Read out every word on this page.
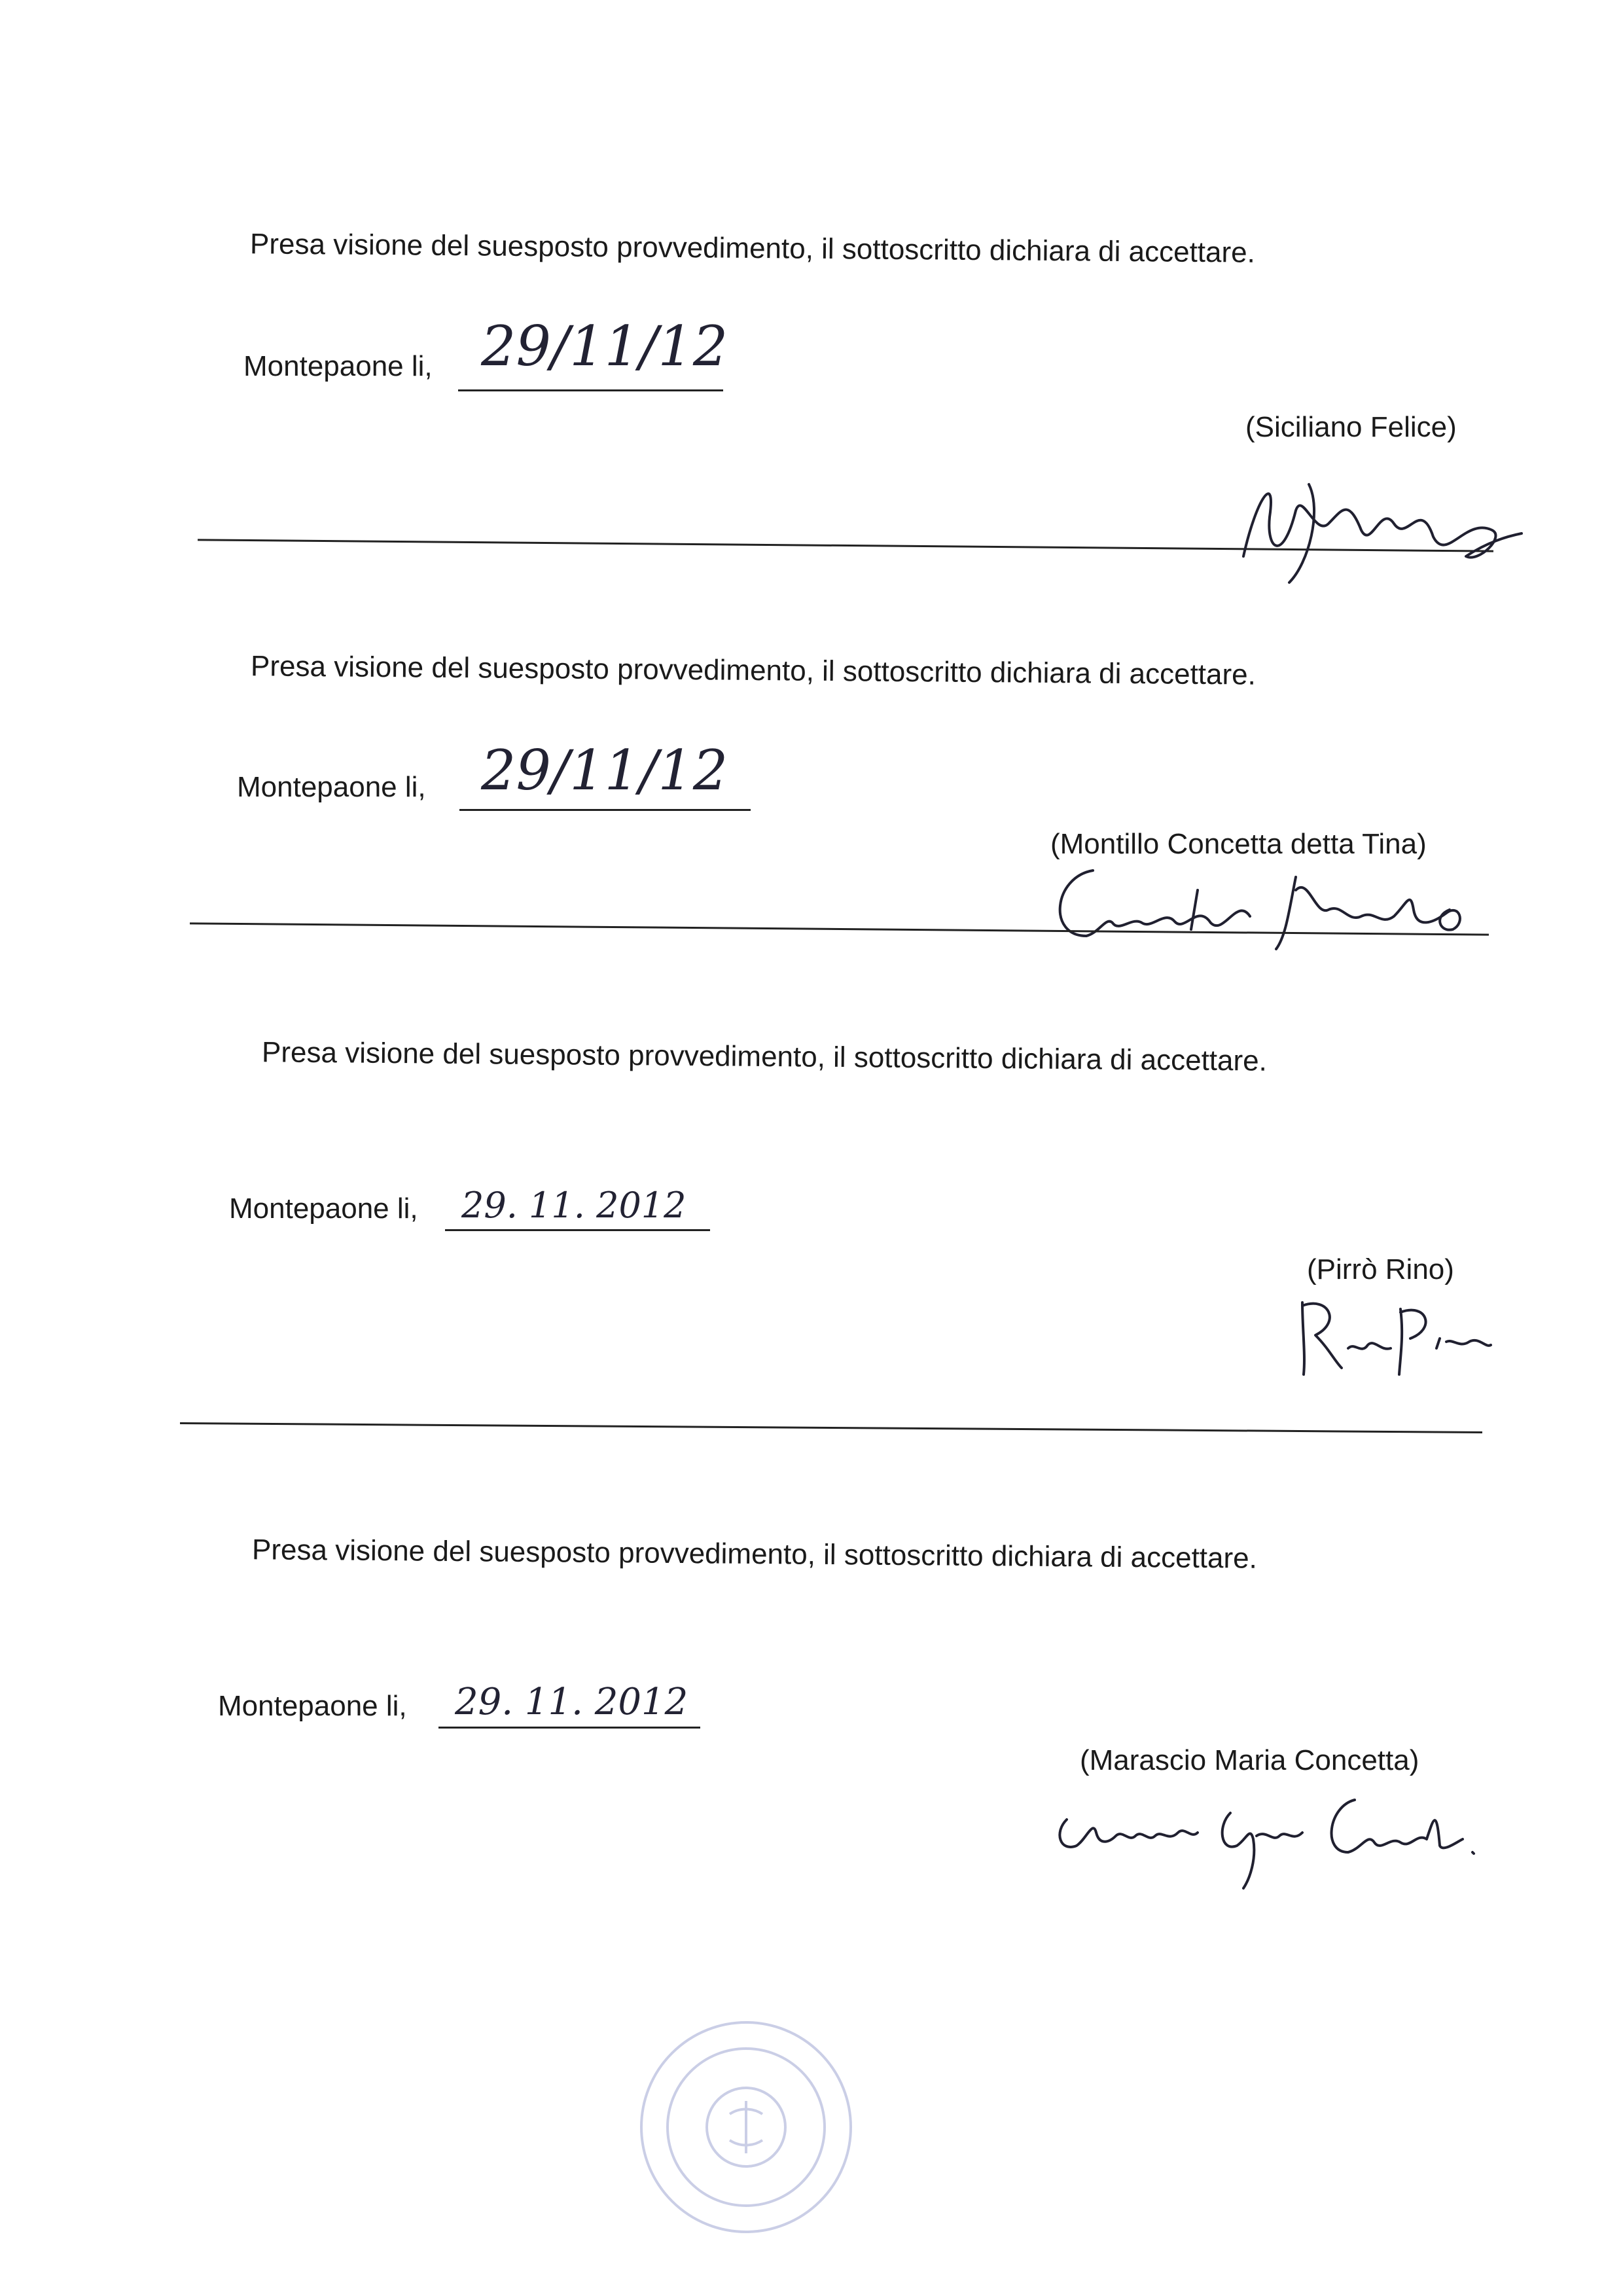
Presa visione del suesposto provvedimento, il sottoscritto dichiara di accettare.
Montepaone li, 29/11/12
(Siciliano Felice)
Presa visione del suesposto provvedimento, il sottoscritto dichiara di accettare.
Montepaone li, 29/11/12
(Montillo Concetta detta Tina)
Presa visione del suesposto provvedimento, il sottoscritto dichiara di accettare.
Montepaone li, 29. 11. 2012
(Pirrò Rino)
Presa visione del suesposto provvedimento, il sottoscritto dichiara di accettare.
Montepaone li, 29. 11. 2012
(Marascio Maria Concetta)
